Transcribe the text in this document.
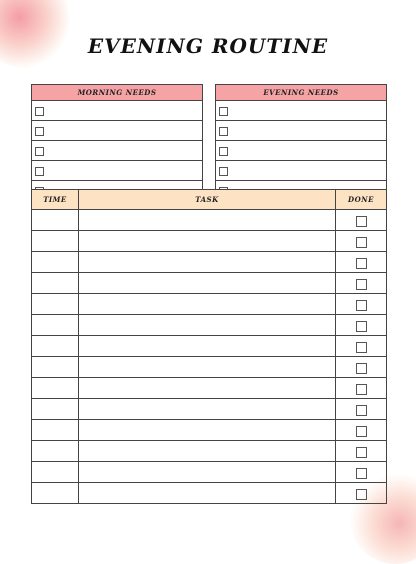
EVENING ROUTINE
MORNING NEEDS	EVENING NEEDS

TIME	TASK	DONE
